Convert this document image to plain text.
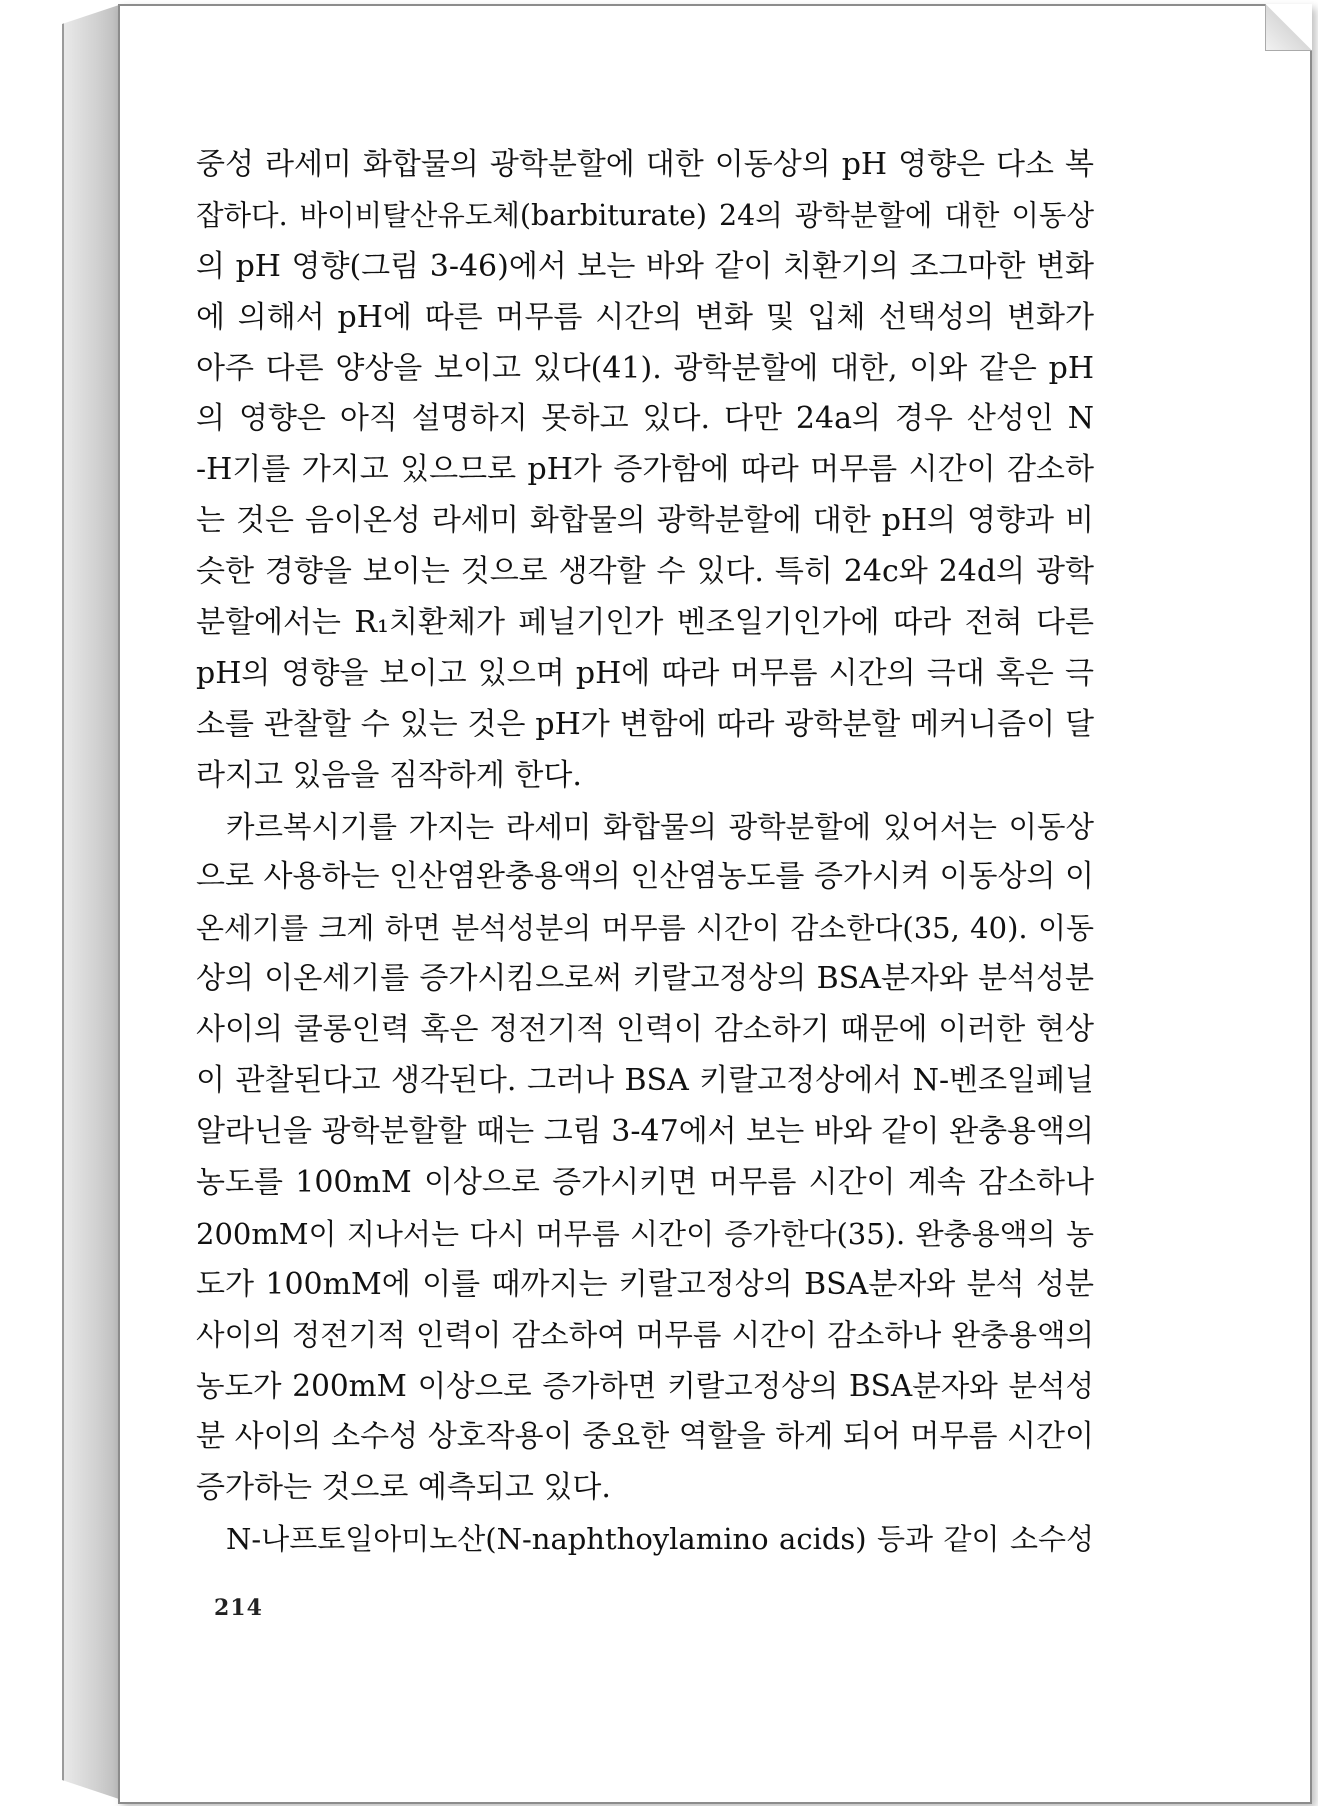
중성 라세미 화합물의 광학분할에 대한 이동상의 pH 영향은 다소 복
잡하다. 바이비탈산유도체(barbiturate) 24의 광학분할에 대한 이동상
의 pH 영향(그림 3-46)에서 보는 바와 같이 치환기의 조그마한 변화
에 의해서 pH에 따른 머무름 시간의 변화 및 입체 선택성의 변화가
아주 다른 양상을 보이고 있다(41). 광학분할에 대한, 이와 같은 pH
의 영향은 아직 설명하지 못하고 있다. 다만 24a의 경우 산성인 N
-H기를 가지고 있으므로 pH가 증가함에 따라 머무름 시간이 감소하
는 것은 음이온성 라세미 화합물의 광학분할에 대한 pH의 영향과 비
슷한 경향을 보이는 것으로 생각할 수 있다. 특히 24c와 24d의 광학
분할에서는 R₁치환체가 페닐기인가 벤조일기인가에 따라 전혀 다른
pH의 영향을 보이고 있으며 pH에 따라 머무름 시간의 극대 혹은 극
소를 관찰할 수 있는 것은 pH가 변함에 따라 광학분할 메커니즘이 달
라지고 있음을 짐작하게 한다.
카르복시기를 가지는 라세미 화합물의 광학분할에 있어서는 이동상
으로 사용하는 인산염완충용액의 인산염농도를 증가시켜 이동상의 이
온세기를 크게 하면 분석성분의 머무름 시간이 감소한다(35, 40). 이동
상의 이온세기를 증가시킴으로써 키랄고정상의 BSA분자와 분석성분
사이의 쿨롱인력 혹은 정전기적 인력이 감소하기 때문에 이러한 현상
이 관찰된다고 생각된다. 그러나 BSA 키랄고정상에서 N-벤조일페닐
알라닌을 광학분할할 때는 그림 3-47에서 보는 바와 같이 완충용액의
농도를 100mM 이상으로 증가시키면 머무름 시간이 계속 감소하나
200mM이 지나서는 다시 머무름 시간이 증가한다(35). 완충용액의 농
도가 100mM에 이를 때까지는 키랄고정상의 BSA분자와 분석 성분
사이의 정전기적 인력이 감소하여 머무름 시간이 감소하나 완충용액의
농도가 200mM 이상으로 증가하면 키랄고정상의 BSA분자와 분석성
분 사이의 소수성 상호작용이 중요한 역할을 하게 되어 머무름 시간이
증가하는 것으로 예측되고 있다.
N-나프토일아미노산(N-naphthoylamino acids) 등과 같이 소수성
214
